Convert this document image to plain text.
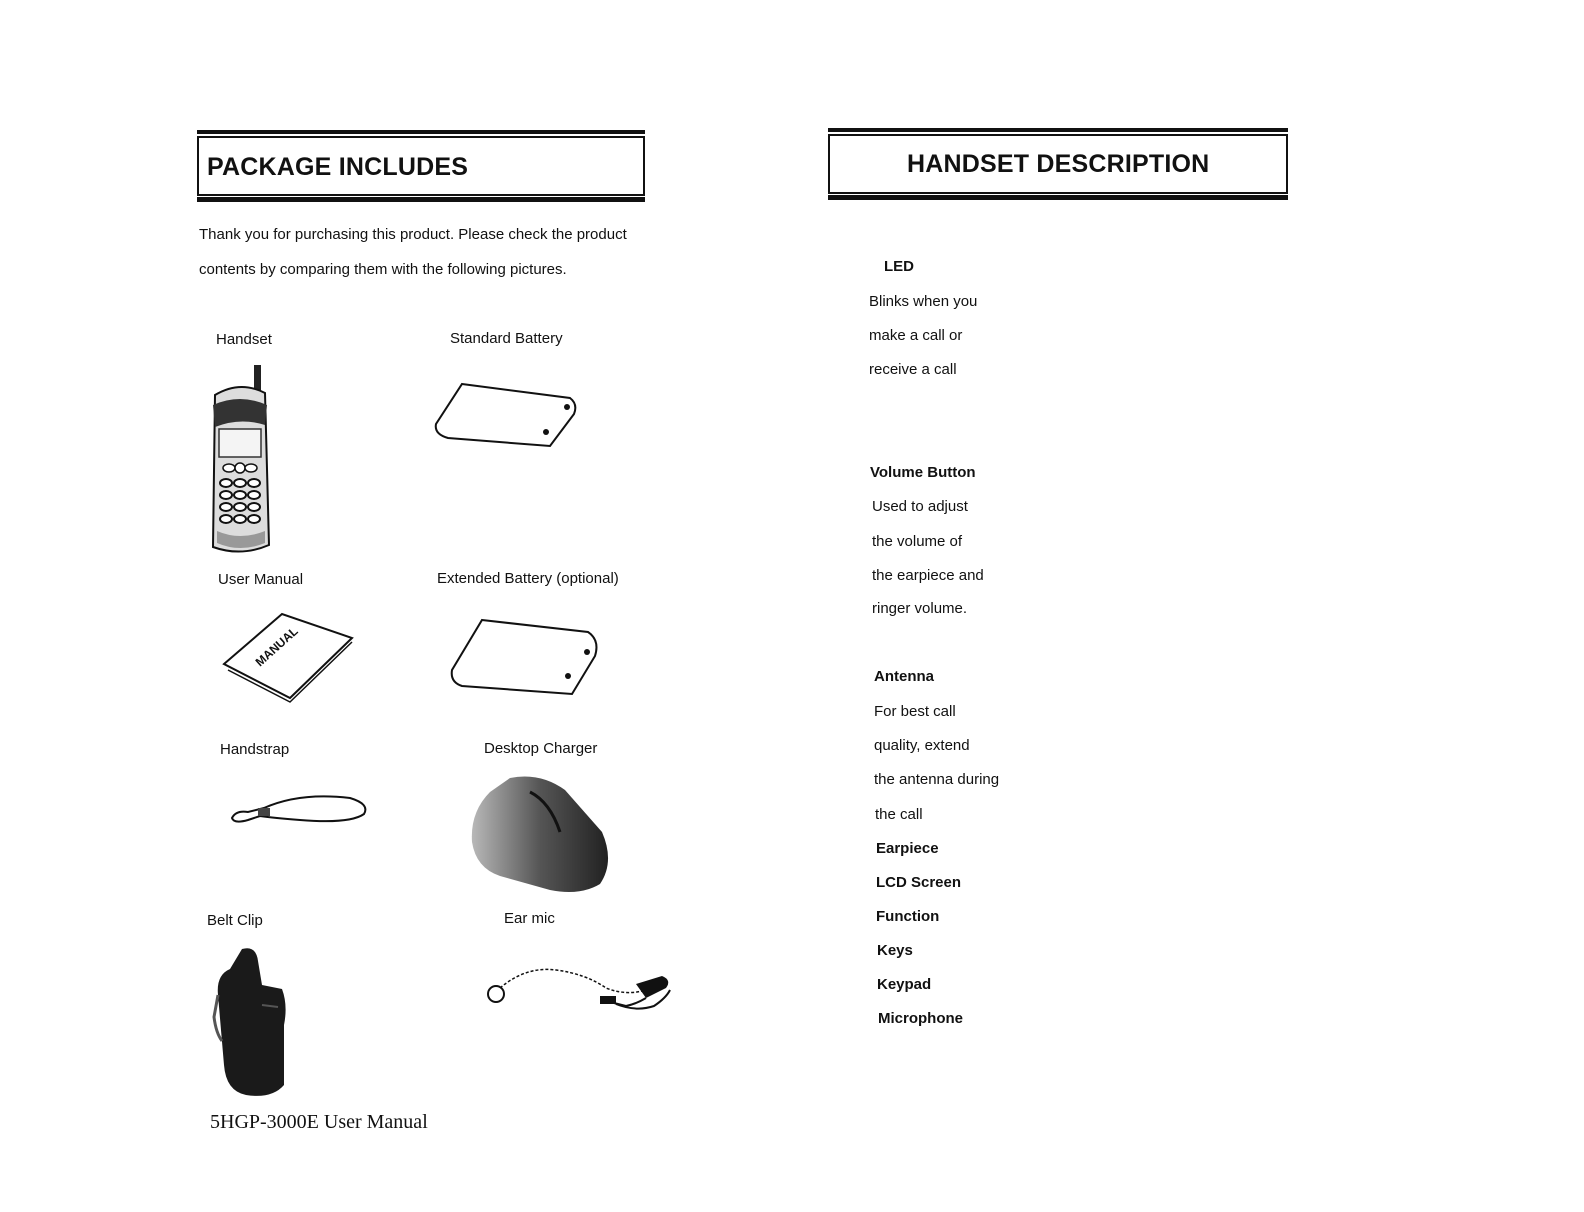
PACKAGE INCLUDES
Thank you for purchasing this product. Please check the product
contents by comparing them with the following pictures.
Handset	Standard Battery
User Manual	Extended Battery (optional)
Handstrap	Desktop Charger
Belt Clip	Ear mic
MANUAL
5HGP-3000E User Manual
HANDSET DESCRIPTION
LED
Blinks when you
make a call or
receive a call
Volume Button
Used to adjust
the volume of
the earpiece and
ringer volume.
Antenna
For best call
quality, extend
the antenna during
the call
Earpiece
LCD Screen
Function
Keys
Keypad
Microphone
